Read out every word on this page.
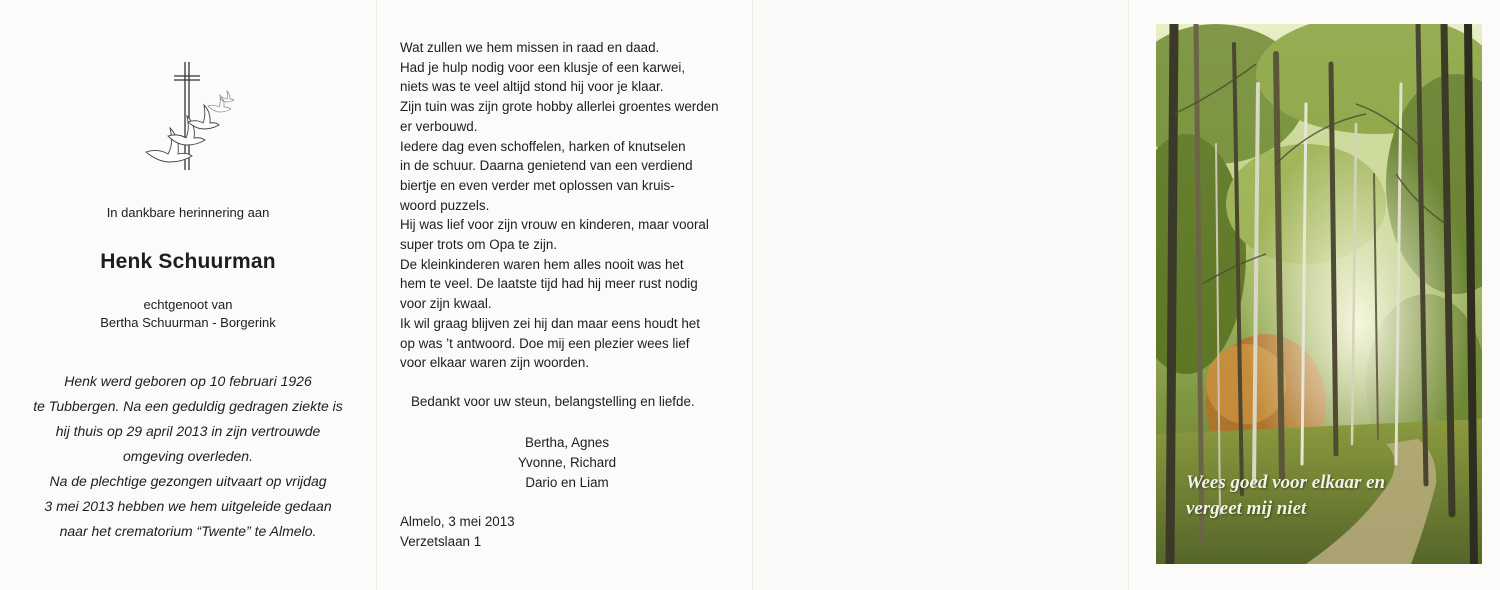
In dankbare herinnering aan

Henk Schuurman

echtgenoot van
Bertha Schuurman - Borgerink

Henk werd geboren op 10 februari 1926
te Tubbergen. Na een geduldig gedragen ziekte is
hij thuis op 29 april 2013 in zijn vertrouwde
omgeving overleden.
Na de plechtige gezongen uitvaart op vrijdag
3 mei 2013 hebben we hem uitgeleide gedaan
naar het crematorium “Twente” te Almelo.

Wat zullen we hem missen in raad en daad.
Had je hulp nodig voor een klusje of een karwei,
niets was te veel altijd stond hij voor je klaar.
Zijn tuin was zijn grote hobby allerlei groentes werden
er verbouwd.
Iedere dag even schoffelen, harken of knutselen
in de schuur. Daarna genietend van een verdiend
biertje en even verder met oplossen van kruis-
woord puzzels.
Hij was lief voor zijn vrouw en kinderen, maar vooral
super trots om Opa te zijn.
De kleinkinderen waren hem alles nooit was het
hem te veel. De laatste tijd had hij meer rust nodig
voor zijn kwaal.
Ik wil graag blijven zei hij dan maar eens houdt het
op was ’t antwoord. Doe mij een plezier wees lief
voor elkaar waren zijn woorden.

Bedankt voor uw steun, belangstelling en liefde.

Bertha, Agnes
Yvonne, Richard
Dario en Liam

Almelo, 3 mei 2013
Verzetslaan 1

Wees goed voor elkaar en
vergeet mij niet
